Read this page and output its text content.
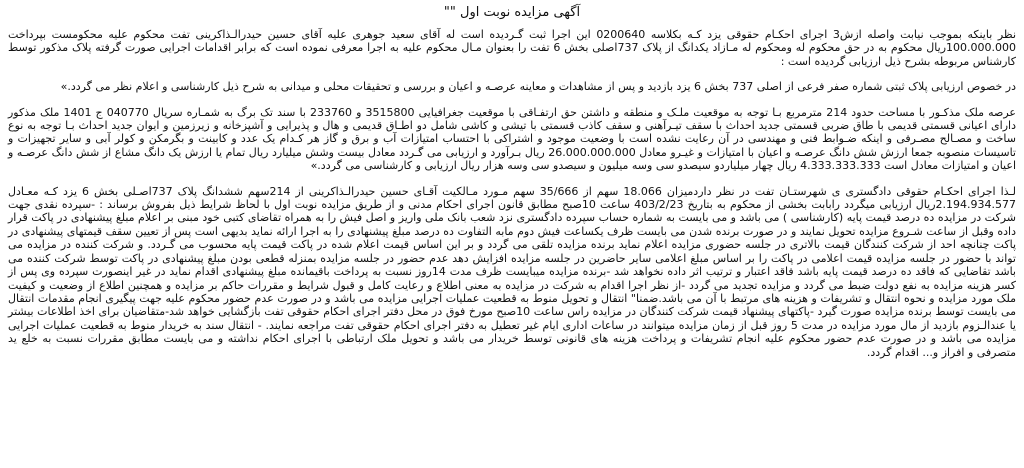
آگهی مزایده نوبت اول ""

نظر باینکه بموجب نیابت واصله ازش3 اجرای احکـام حقوقی یزد کـه بکلاسه 0200640 این اجرا ثبت گـردیده است له آقای سعید جوهری علیه آقای حسین حیدرالـذاکرینی تفت محکوم علیه محکومست بپرداخت 100.000.000ریال محکوم به در حق محکوم له ومحکوم له مـازاد یکدانگ از پلاک 737اصلی بخش 6 تفت را بعنوان مـال محکوم علیه به اجرا معرفی نموده است که برابر اقدامات اجرایی صورت گرفته پلاک مذکور توسط کارشناس مربوطه بشرح ذیل ارزیابی گردیده است :

در خصوص ارزیابی پلاک ثبتی شماره صفر فرعی از اصلی 737 بخش 6 یزد بازدید و پس از مشاهدات و معاینه عرصـه و اعیان و بررسی و تحقیقات محلی و میدانی به شرح ذیل کارشناسی و اعلام نظر می گردد.»

عرصه ملک مذکـور با مساحت حدود 214 مترمربع بـا توجه به موقعیت ملـک و منطقه و داشتن حق ارتفـاقی با موقعیت جغرافیایی 3515800 و 233760 با سند تک برگ به شمـاره سریال 040770 ج 1401 ملک مذکور دارای اعیانی قسمتی قدیمی با طاق ضربی قسمتی جدید احداث با سقف تیـرآهنی و سقف کاذب قسمتی با تیشی و کاشی شامل دو اطـاق قدیمی و هال و پذیرایی و آشپزخانه و زیرزمین و ایوان جدید احداث بـا توجه به نوع ساخت و مصـالح مصـرفی و اینکه ضـوابط فنی و مهندسی در آن رعایت نشده است با وضعیت موجود و اشتراکی با احتساب امتیازات آب و برق و گاز هر کـدام یک عدد و کابینت و بگرمکن و کولر آبی و سایر تجهیزات و تاسیسات منصوبه جمعا ارزش شش دانگ عرصـه و اعیان با امتیازات و غیـرو معادل 26.000.000.000 ریال بـرآورد و ارزیابی می گـردد معادل بیست وشش میلیارد ریال تمام یا ارزش یک دانگ مشاع از شش دانگ عرصـه و اعیان و امتیازات معادل است 4.333.333.333 ریال چهار میلیاردو سیصدو سی وسه میلیون و سیصدو سی وسه هزار ریال ارزیابی و کارشناسی می گردد.»

لـذا اجرای احکـام حقوقی دادگستری ی شهرستـان تفت در نظر داردمیزان 18.066 سهم از 35/666 سهم مـورد مـالکیت آقـای حسین حیدرالـذاکرینی از 214سهم ششدانگ پلاک 737اصـلی بخش 6 یزد کـه معـادل 2.194.934.577ریال ارزیابی میگردد رابابت بخشی از محکوم به بتاریخ 403/2/23 ساعت 10صبح مطابق قانون اجرای احکام مدنی و از طریق مزایده نوبت اول با لحاظ شرایط ذیل بفروش برساند : -سپرده نقدی جهت شرکت در مزایده ده درصد قیمت پایه (کارشناسی ) می باشد و می بایست به شماره حساب سپرده دادگستری نزد شعب بانک ملی واریز و اصل فیش را به همراه تقاضای کتبی خود مبنی بر اعلام مبلغ پیشنهادی در پاکت قرار داده وقبل از ساعت شـروع مزایده تحویل نمایند و در صورت برنده شدن می بایست ظرف یکساعت فیش دوم مابه التفاوت ده درصد مبلغ پیشنهادی را به اجرا ارائه نماید بدیهی است پس از تعیین سقف قیمتهای پیشنهادی در پاکت چنانچه احد از شرکت کنندگان قیمت بالاتری در جلسه حضوری مزایده اعلام نماید برنده مزایده تلقی می گردد و بر این اساس قیمت اعلام شده در پاکت قیمت پایه محسوب می گـردد. و شرکت کننده در مزایده می تواند با حضور در جلسه مزایده قیمت اعلامی در پاکت را بر اساس مبلغ اعلامی سایر حاضرین در جلسه مزایده افزایش دهد عدم حضور در جلسه مزایده بمنزله قطعی بودن مبلغ پیشنهادی در پاکت توسط شرکت کننده می باشد تقاضایی که فاقد ده درصد قیمت پایه باشد فاقد اعتبار و ترتیب اثر داده نخواهد شد -برنده مزایده میبایست ظرف مدت 14روز نسبت به پرداخت باقیمانده مبلغ پیشنهادی اقدام نماید در غیر اینصورت سپرده وی پس از کسر هزینه مزایده به نفع دولت ضبط می گردد و مزایده تجدید می گردد -از نظر اجرا اقدام به شرکت در مزایده به معنی اطلاع و رعایت کامل و قبول شرایط و مقررات حاکم بر مزایده و همچنین اطلاع از وضعیت و کیفیت ملک مورد مزایده و نحوه انتقال و تشریفات و هزینه های مرتبط با آن می باشد.ضمنا" انتقال و تحویل منوط به قطعیت عملیات اجرایی مزایده می باشد و در صورت عدم حضور محکوم علیه جهت پیگیری انجام مقدمات انتقال می بایست توسط برنده مزایده صورت گیرد -پاکتهای پیشنهاد قیمت شرکت کنندگان در مزایده راس ساعت 10صبح مورخ فوق در محل دفتر اجرای احکام حقوقی تفت بازگشایی خواهد شد-متقاضیان برای اخذ اطلاعات بیشتر یا عندالـزوم بازدید از مال مورد مزایده در مدت 5 روز قبل از زمان مزایده میتوانند در ساعات اداری ایام غیر تعطیل به دفتر اجرای احکام حقوقی تفت مراجعه نمایند. - انتقال سند به خریدار منوط به قطعیت عملیات اجرایی مزایده می باشد و در صورت عدم حضور محکوم علیه انجام تشریفات و پرداخت هزینه های قانونی توسط خریدار می باشد و تحویل ملک ارتباطی با اجرای احکام نداشته و می بایست مطابق مقررات نسبت به خلع ید متصرفی و افراز و... اقدام گردد.
